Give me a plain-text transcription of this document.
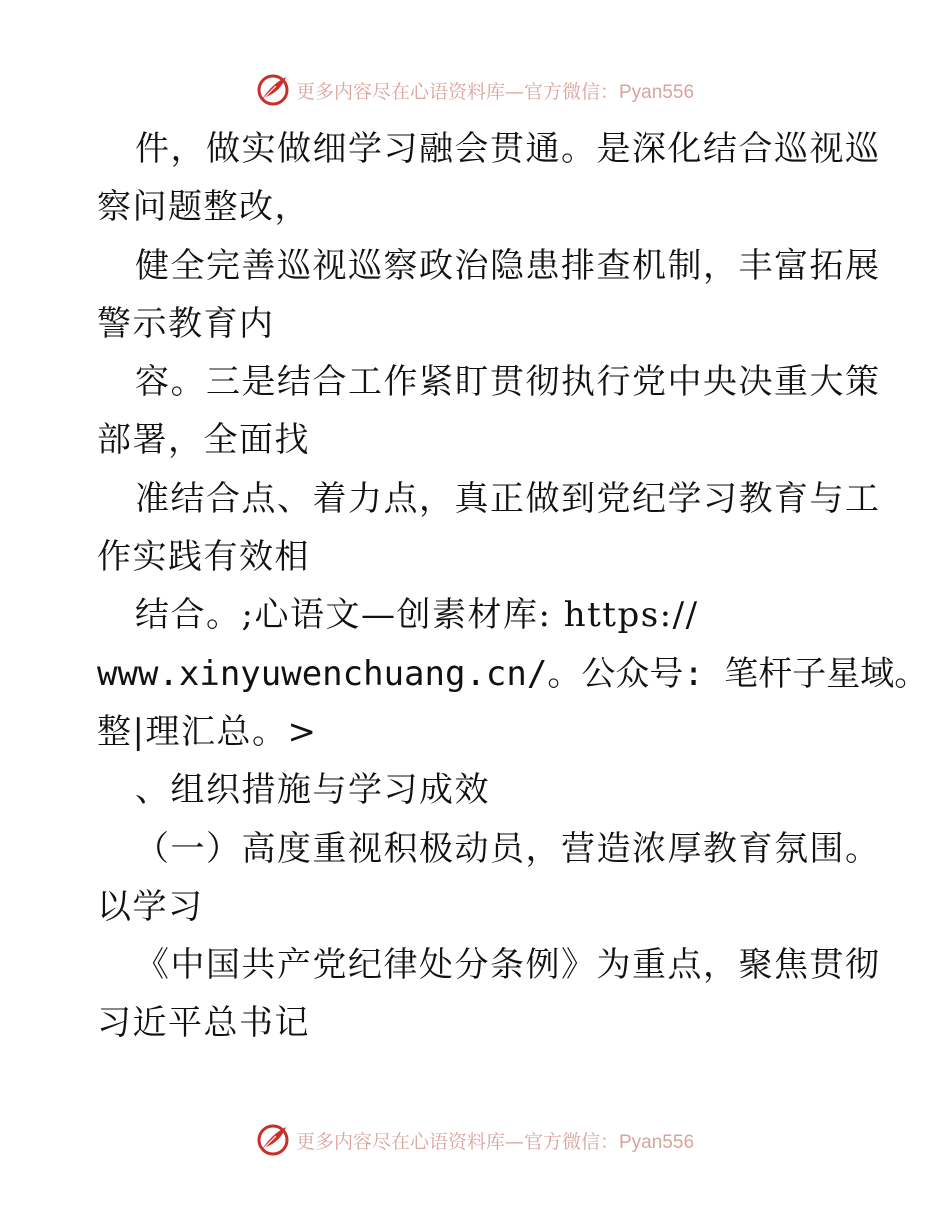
更多内容尽在心语资料库—官方微信：Pyan556
件，做实做细学习融会贯通。是深化结合巡视巡
察问题整改，
健全完善巡视巡察政治隐患排查机制，丰富拓展
警示教育内
容。三是结合工作紧盯贯彻执行党中央决重大策
部署，全面找
准结合点、着力点，真正做到党纪学习教育与工
作实践有效相
结合。;心语文—创素材库: https://
www.xinyuwenchuang.cn/。公众号: 笔杆子星域。
整|理汇总。>
、组织措施与学习成效
（一）高度重视积极动员，营造浓厚教育氛围。
以学习
《中国共产党纪律处分条例》为重点，聚焦贯彻
习近平总书记
更多内容尽在心语资料库—官方微信：Pyan556
